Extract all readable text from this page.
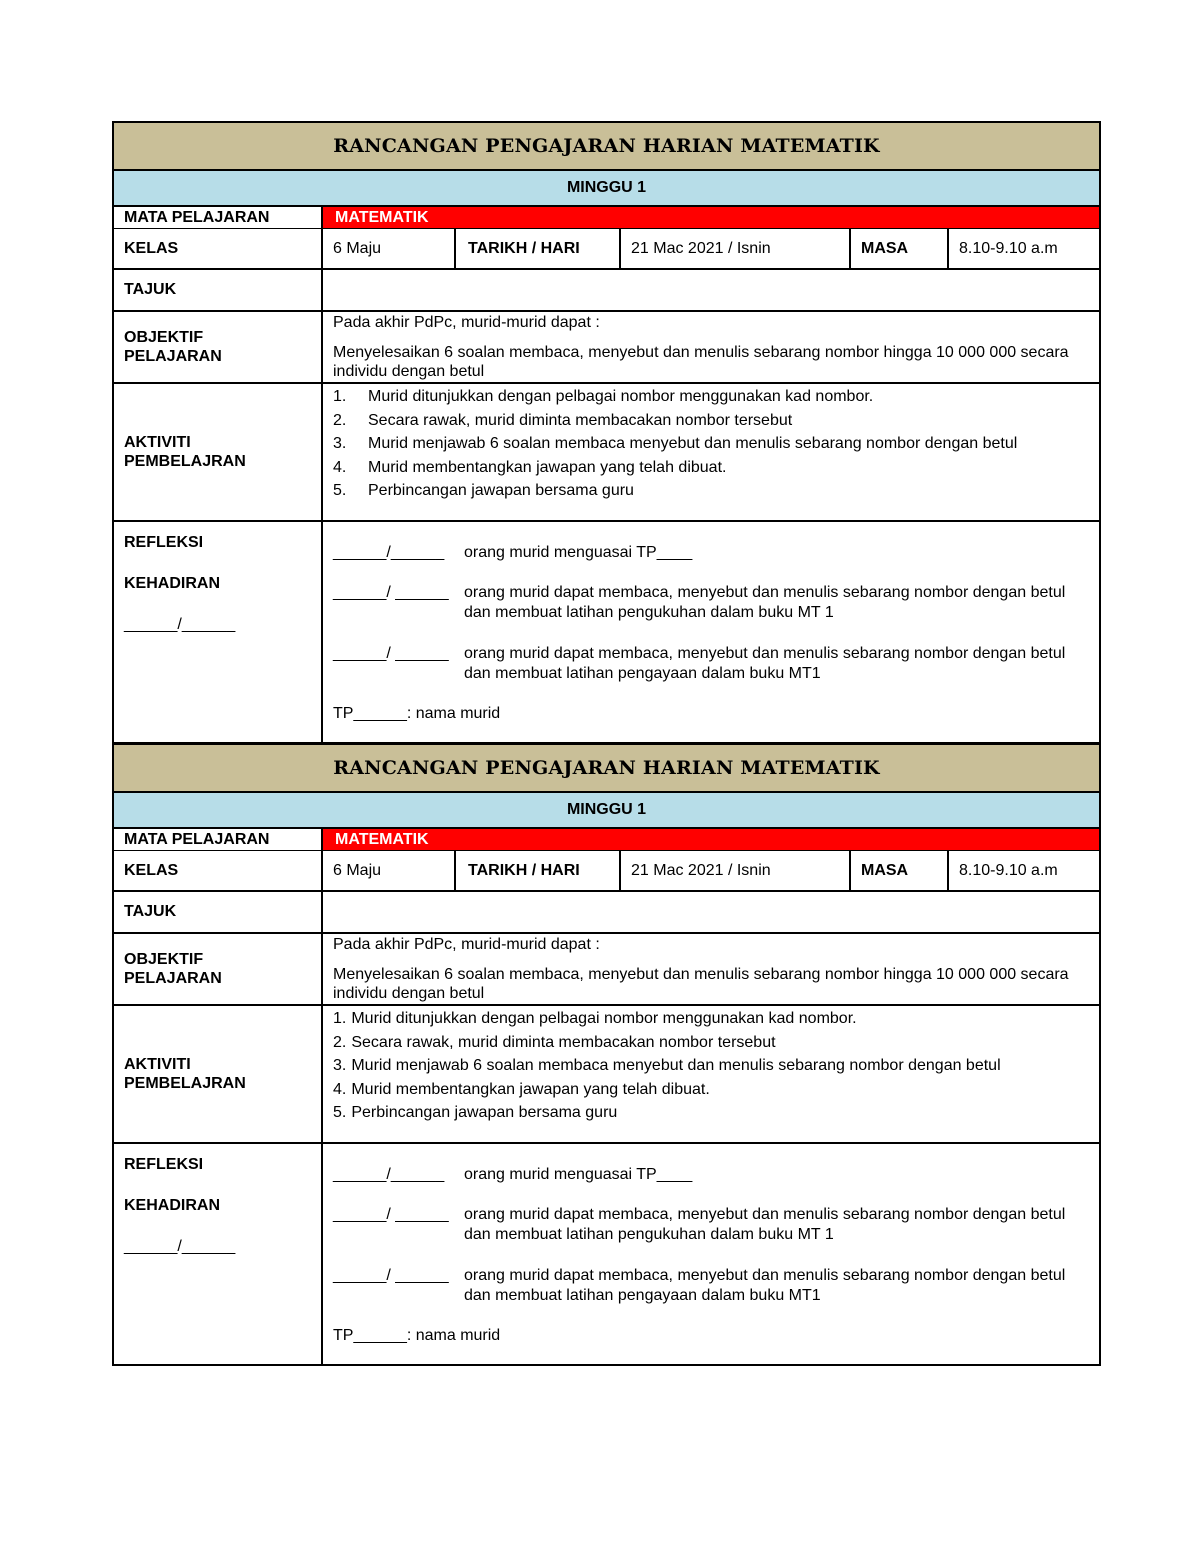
RANCANGAN PENGAJARAN HARIAN MATEMATIK
MINGGU 1
MATA PELAJARAN	MATEMATIK
KELAS	6 Maju	TARIKH / HARI	21 Mac 2021 / Isnin	MASA	8.10-9.10 a.m
TAJUK
OBJEKTIF
PELAJARAN

Pada akhir PdPc, murid-murid dapat :

Menyelesaikan 6 soalan membaca, menyebut dan menulis sebarang nombor hingga 10 000 000 secara individu dengan betul

AKTIVITI
PEMBELAJRAN
1.	Murid ditunjukkan dengan pelbagai nombor menggunakan kad nombor.
2.	Secara rawak, murid diminta membacakan nombor tersebut
3.	Murid menjawab 6 soalan membaca menyebut dan menulis sebarang nombor dengan betul
4.	Murid membentangkan jawapan yang telah dibuat.
5.	Perbincangan jawapan bersama guru
REFLEKSI
KEHADIRAN
______/______
______/______	orang murid menguasai TP____
______/ ______ orang murid dapat membaca, menyebut dan menulis sebarang nombor dengan betul dan membuat latihan pengukuhan dalam buku MT 1
______/ ______ orang murid dapat membaca, menyebut dan menulis sebarang nombor dengan betul dan membuat latihan pengayaan dalam buku MT1
TP______: nama murid
RANCANGAN PENGAJARAN HARIAN MATEMATIK
MINGGU 1
MATA PELAJARAN	MATEMATIK
KELAS	6 Maju	TARIKH / HARI	21 Mac 2021 / Isnin	MASA	8.10-9.10 a.m
TAJUK
OBJEKTIF
PELAJARAN

Pada akhir PdPc, murid-murid dapat :

Menyelesaikan 6 soalan membaca, menyebut dan menulis sebarang nombor hingga 10 000 000 secara individu dengan betul

AKTIVITI
PEMBELAJRAN
1. Murid ditunjukkan dengan pelbagai nombor menggunakan kad nombor.
2. Secara rawak, murid diminta membacakan nombor tersebut
3. Murid menjawab 6 soalan membaca menyebut dan menulis sebarang nombor dengan betul
4. Murid membentangkan jawapan yang telah dibuat.
5. Perbincangan jawapan bersama guru
REFLEKSI
KEHADIRAN
______/______
______/______	orang murid menguasai TP____
______/ ______ orang murid dapat membaca, menyebut dan menulis sebarang nombor dengan betul dan membuat latihan pengukuhan dalam buku MT 1
______/ ______ orang murid dapat membaca, menyebut dan menulis sebarang nombor dengan betul dan membuat latihan pengayaan dalam buku MT1
TP______: nama murid
